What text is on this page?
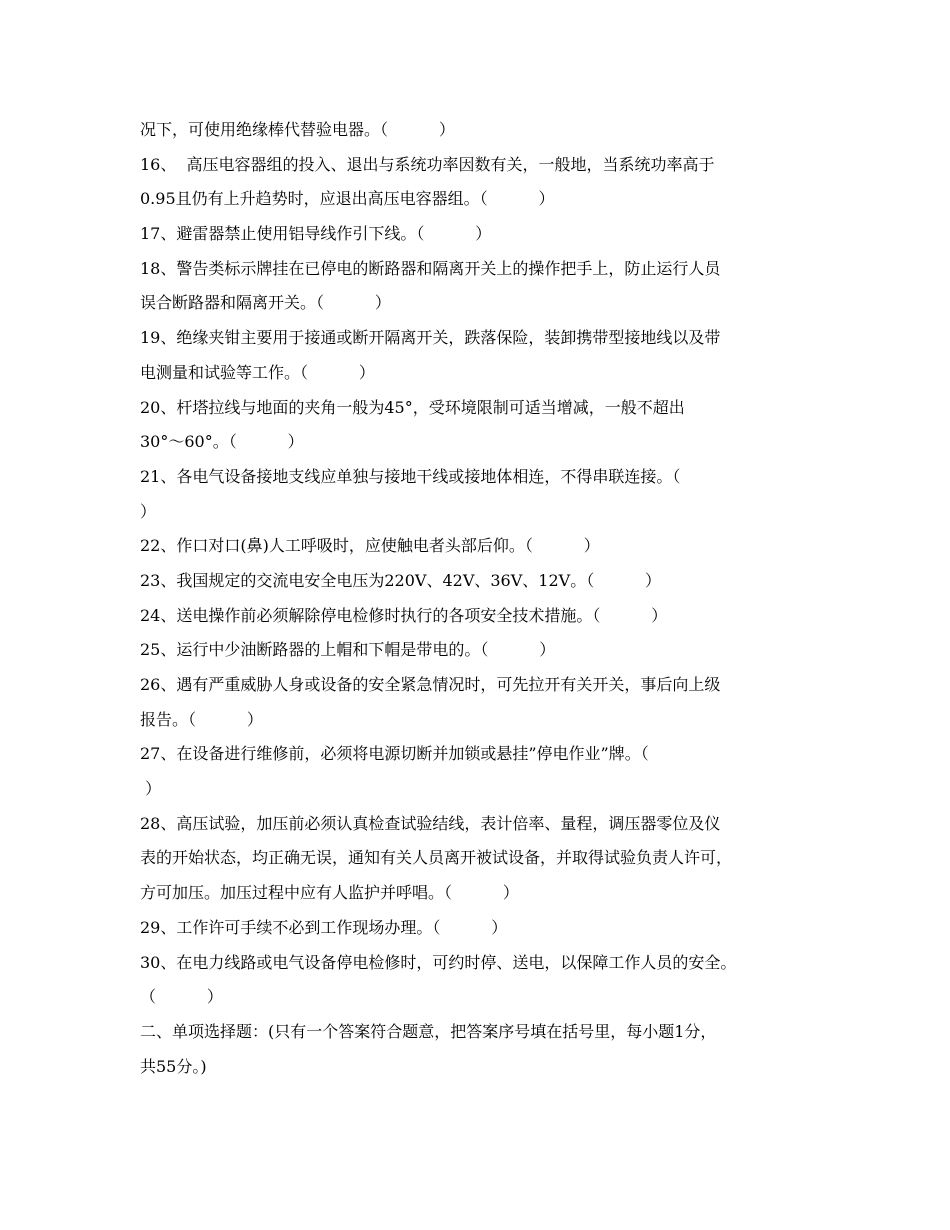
况下，可使用绝缘棒代替验电器。（          ）
16、  高压电容器组的投入、退出与系统功率因数有关，一般地，当系统功率高于
0.95且仍有上升趋势时，应退出高压电容器组。（          ）
17、避雷器禁止使用铝导线作引下线。（          ）
18、警告类标示牌挂在已停电的断路器和隔离开关上的操作把手上，防止运行人员
误合断路器和隔离开关。（          ）
19、绝缘夹钳主要用于接通或断开隔离开关，跌落保险，装卸携带型接地线以及带
电测量和试验等工作。（          ）
20、杆塔拉线与地面的夹角一般为45°，受环境限制可适当增减，一般不超出
30°～60°。（          ）
21、各电气设备接地支线应单独与接地干线或接地体相连，不得串联连接。（
）
22、作口对口(鼻)人工呼吸时，应使触电者头部后仰。（          ）
23、我国规定的交流电安全电压为220V、42V、36V、12V。（          ）
24、送电操作前必须解除停电检修时执行的各项安全技术措施。（          ）
25、运行中少油断路器的上帽和下帽是带电的。（          ）
26、遇有严重威胁人身或设备的安全紧急情况时，可先拉开有关开关，事后向上级
报告。（          ）
27、在设备进行维修前，必须将电源切断并加锁或悬挂”停电作业”牌。（
）
28、高压试验，加压前必须认真检查试验结线，表计倍率、量程，调压器零位及仪
表的开始状态，均正确无误，通知有关人员离开被试设备，并取得试验负责人许可，
方可加压。加压过程中应有人监护并呼唱。（          ）
29、工作许可手续不必到工作现场办理。（          ）
30、在电力线路或电气设备停电检修时，可约时停、送电，以保障工作人员的安全。
（          ）
二、单项选择题：(只有一个答案符合题意，把答案序号填在括号里，每小题1分，
共55分。)
